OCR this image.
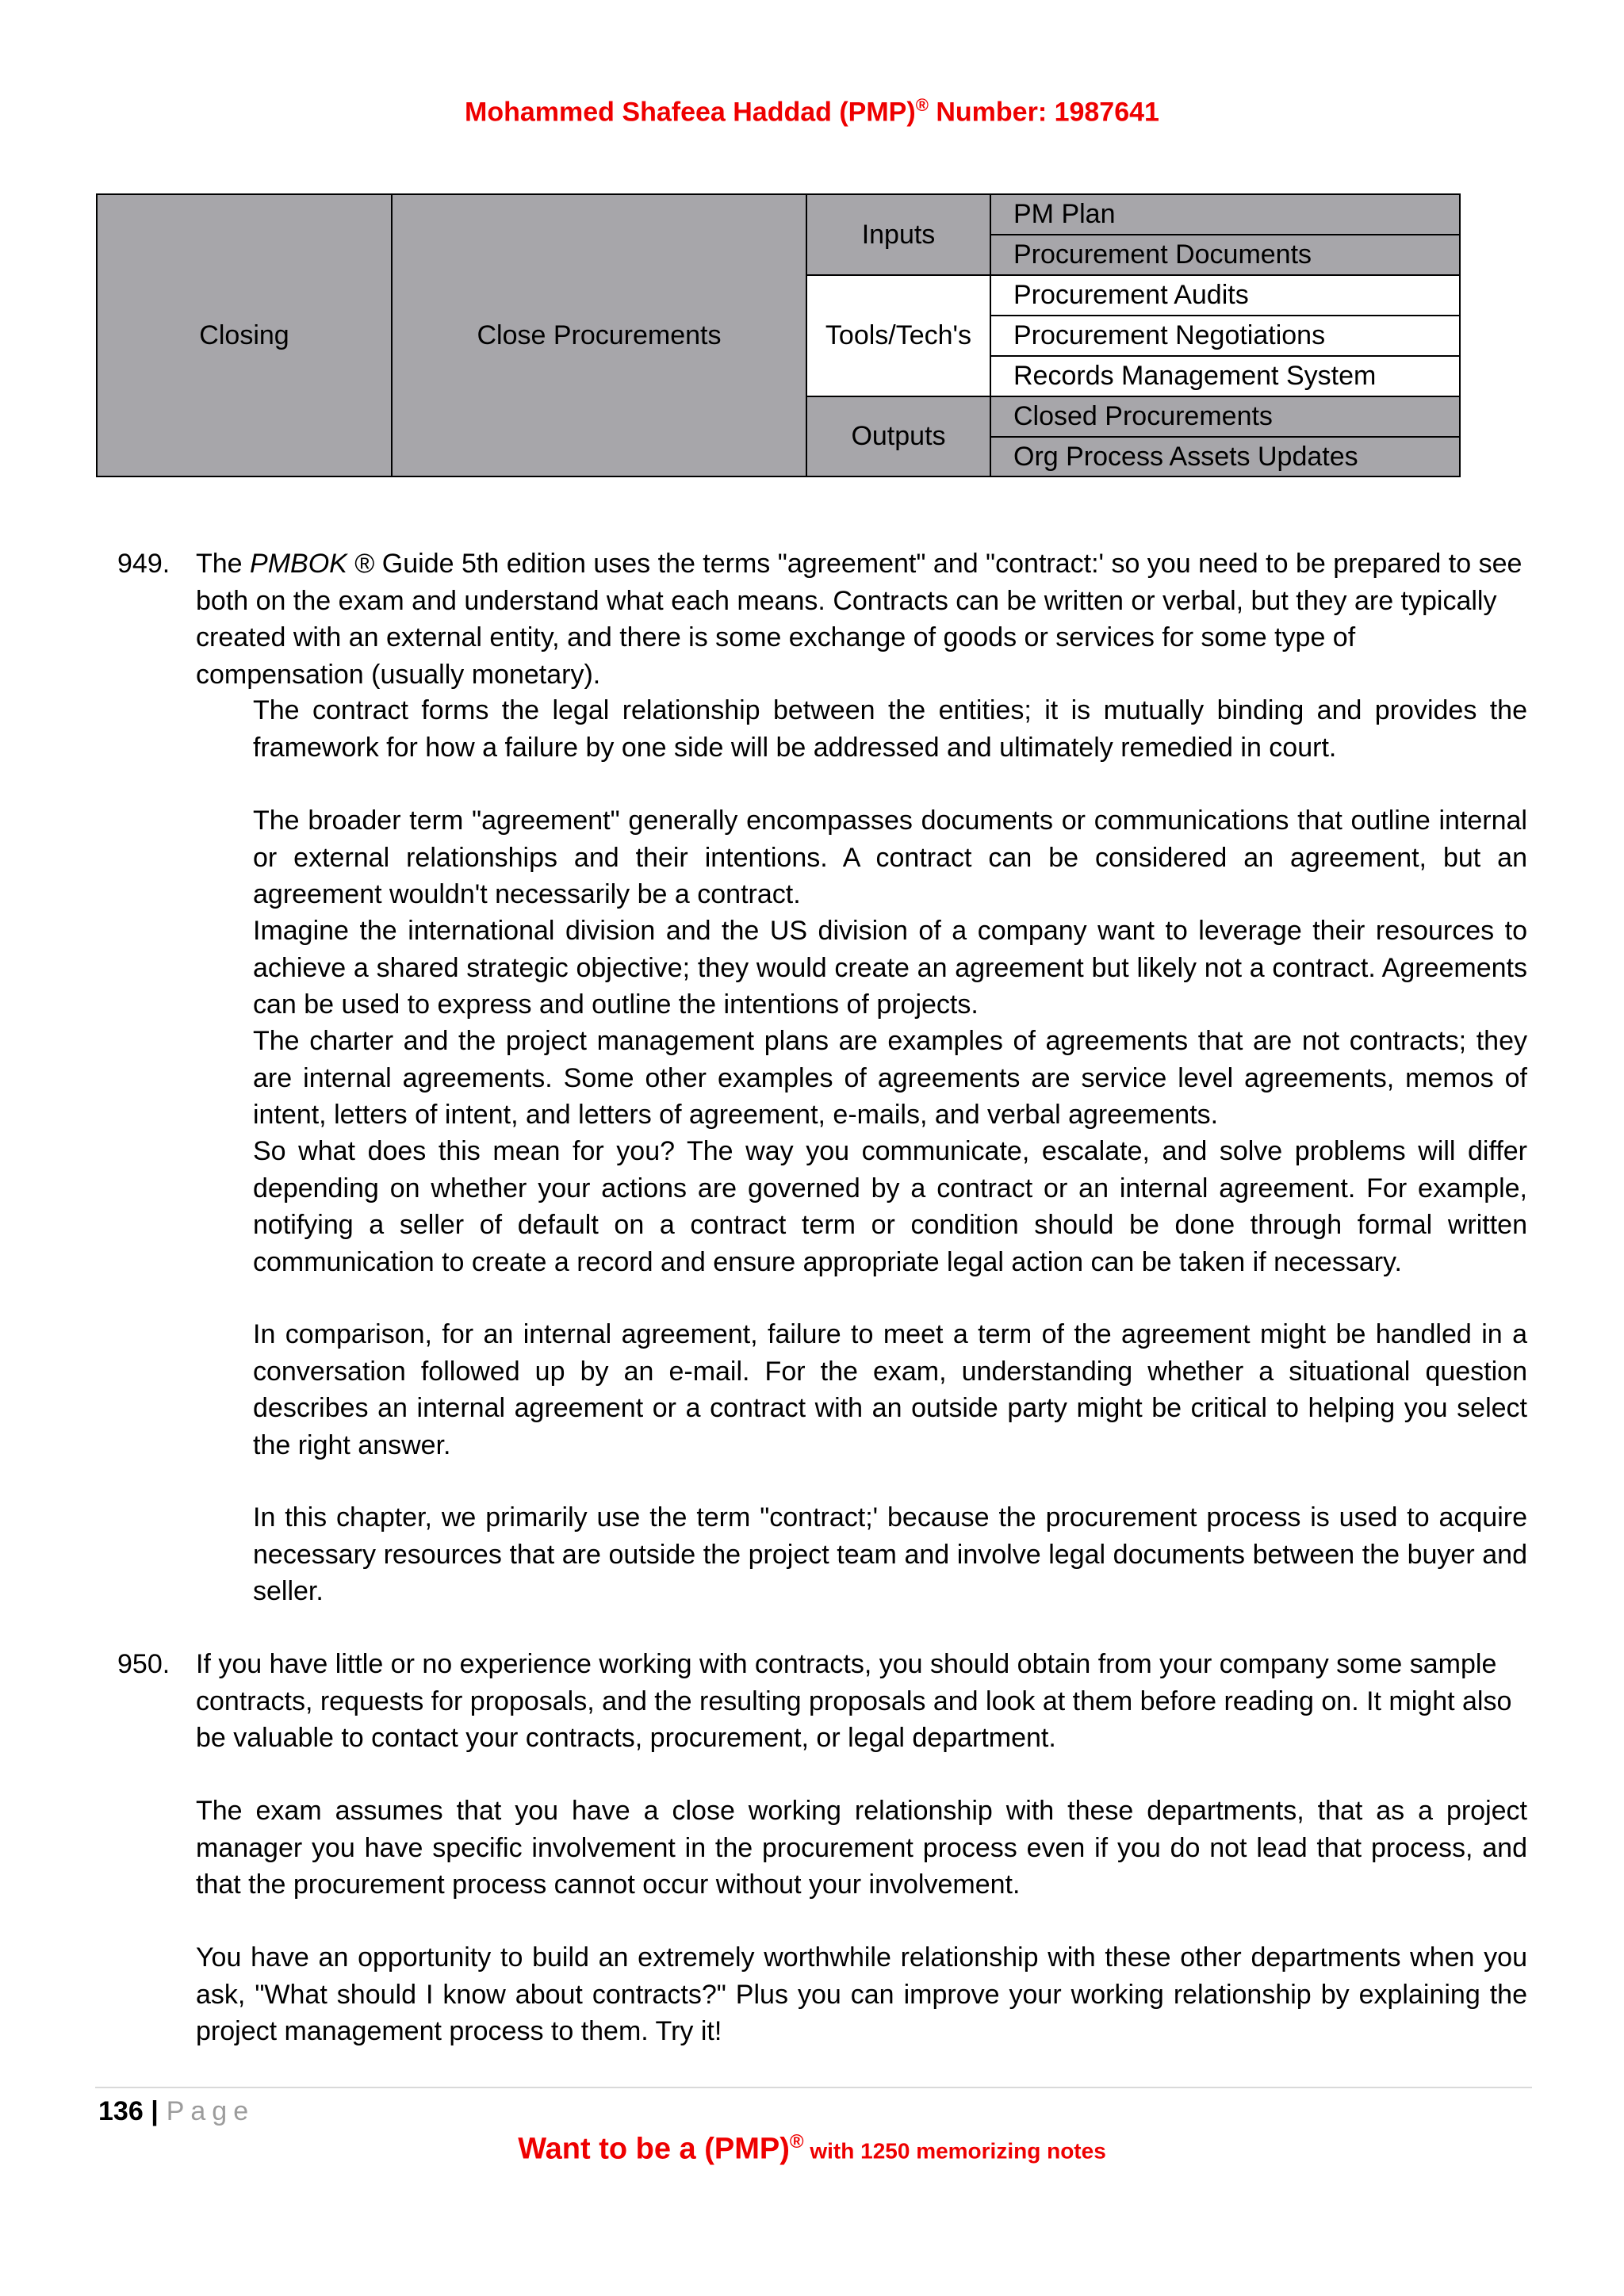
Mohammed Shafeea Haddad (PMP)® Number: 1987641
Closing	Close Procurements	Inputs	PM Plan
			Procurement Documents
		Tools/Tech's	Procurement Audits
			Procurement Negotiations
			Records Management System
		Outputs	Closed Procurements
			Org Process Assets Updates
949. The PMBOK ® Guide 5th edition uses the terms "agreement" and "contract:' so you need to be prepared to see both on the exam and understand what each means. Contracts can be written or verbal, but they are typically created with an external entity, and there is some exchange of goods or services for some type of compensation (usually monetary).

The contract forms the legal relationship between the entities; it is mutually binding and provides the framework for how a failure by one side will be addressed and ultimately remedied in court.

The broader term "agreement" generally encompasses documents or communications that outline internal or external relationships and their intentions. A contract can be considered an agreement, but an agreement wouldn't necessarily be a contract.

Imagine the international division and the US division of a company want to leverage their resources to achieve a shared strategic objective; they would create an agreement but likely not a contract. Agreements can be used to express and outline the intentions of projects.

The charter and the project management plans are examples of agreements that are not contracts; they are internal agreements. Some other examples of agreements are service level agreements, memos of intent, letters of intent, and letters of agreement, e-mails, and verbal agreements.

So what does this mean for you? The way you communicate, escalate, and solve problems will differ depending on whether your actions are governed by a contract or an internal agreement. For example, notifying a seller of default on a contract term or condition should be done through formal written communication to create a record and ensure appropriate legal action can be taken if necessary.

In comparison, for an internal agreement, failure to meet a term of the agreement might be handled in a conversation followed up by an e-mail. For the exam, understanding whether a situational question describes an internal agreement or a contract with an outside party might be critical to helping you select the right answer.

In this chapter, we primarily use the term "contract;' because the procurement process is used to acquire necessary resources that are outside the project team and involve legal documents between the buyer and seller.

950. If you have little or no experience working with contracts, you should obtain from your company some sample contracts, requests for proposals, and the resulting proposals and look at them before reading on. It might also be valuable to contact your contracts, procurement, or legal department.

The exam assumes that you have a close working relationship with these departments, that as a project manager you have specific involvement in the procurement process even if you do not lead that process, and that the procurement process cannot occur without your involvement.

You have an opportunity to build an extremely worthwhile relationship with these other departments when you ask, "What should I know about contracts?" Plus you can improve your working relationship by explaining the project management process to them. Try it!

136 | Page
Want to be a (PMP)® with 1250 memorizing notes
